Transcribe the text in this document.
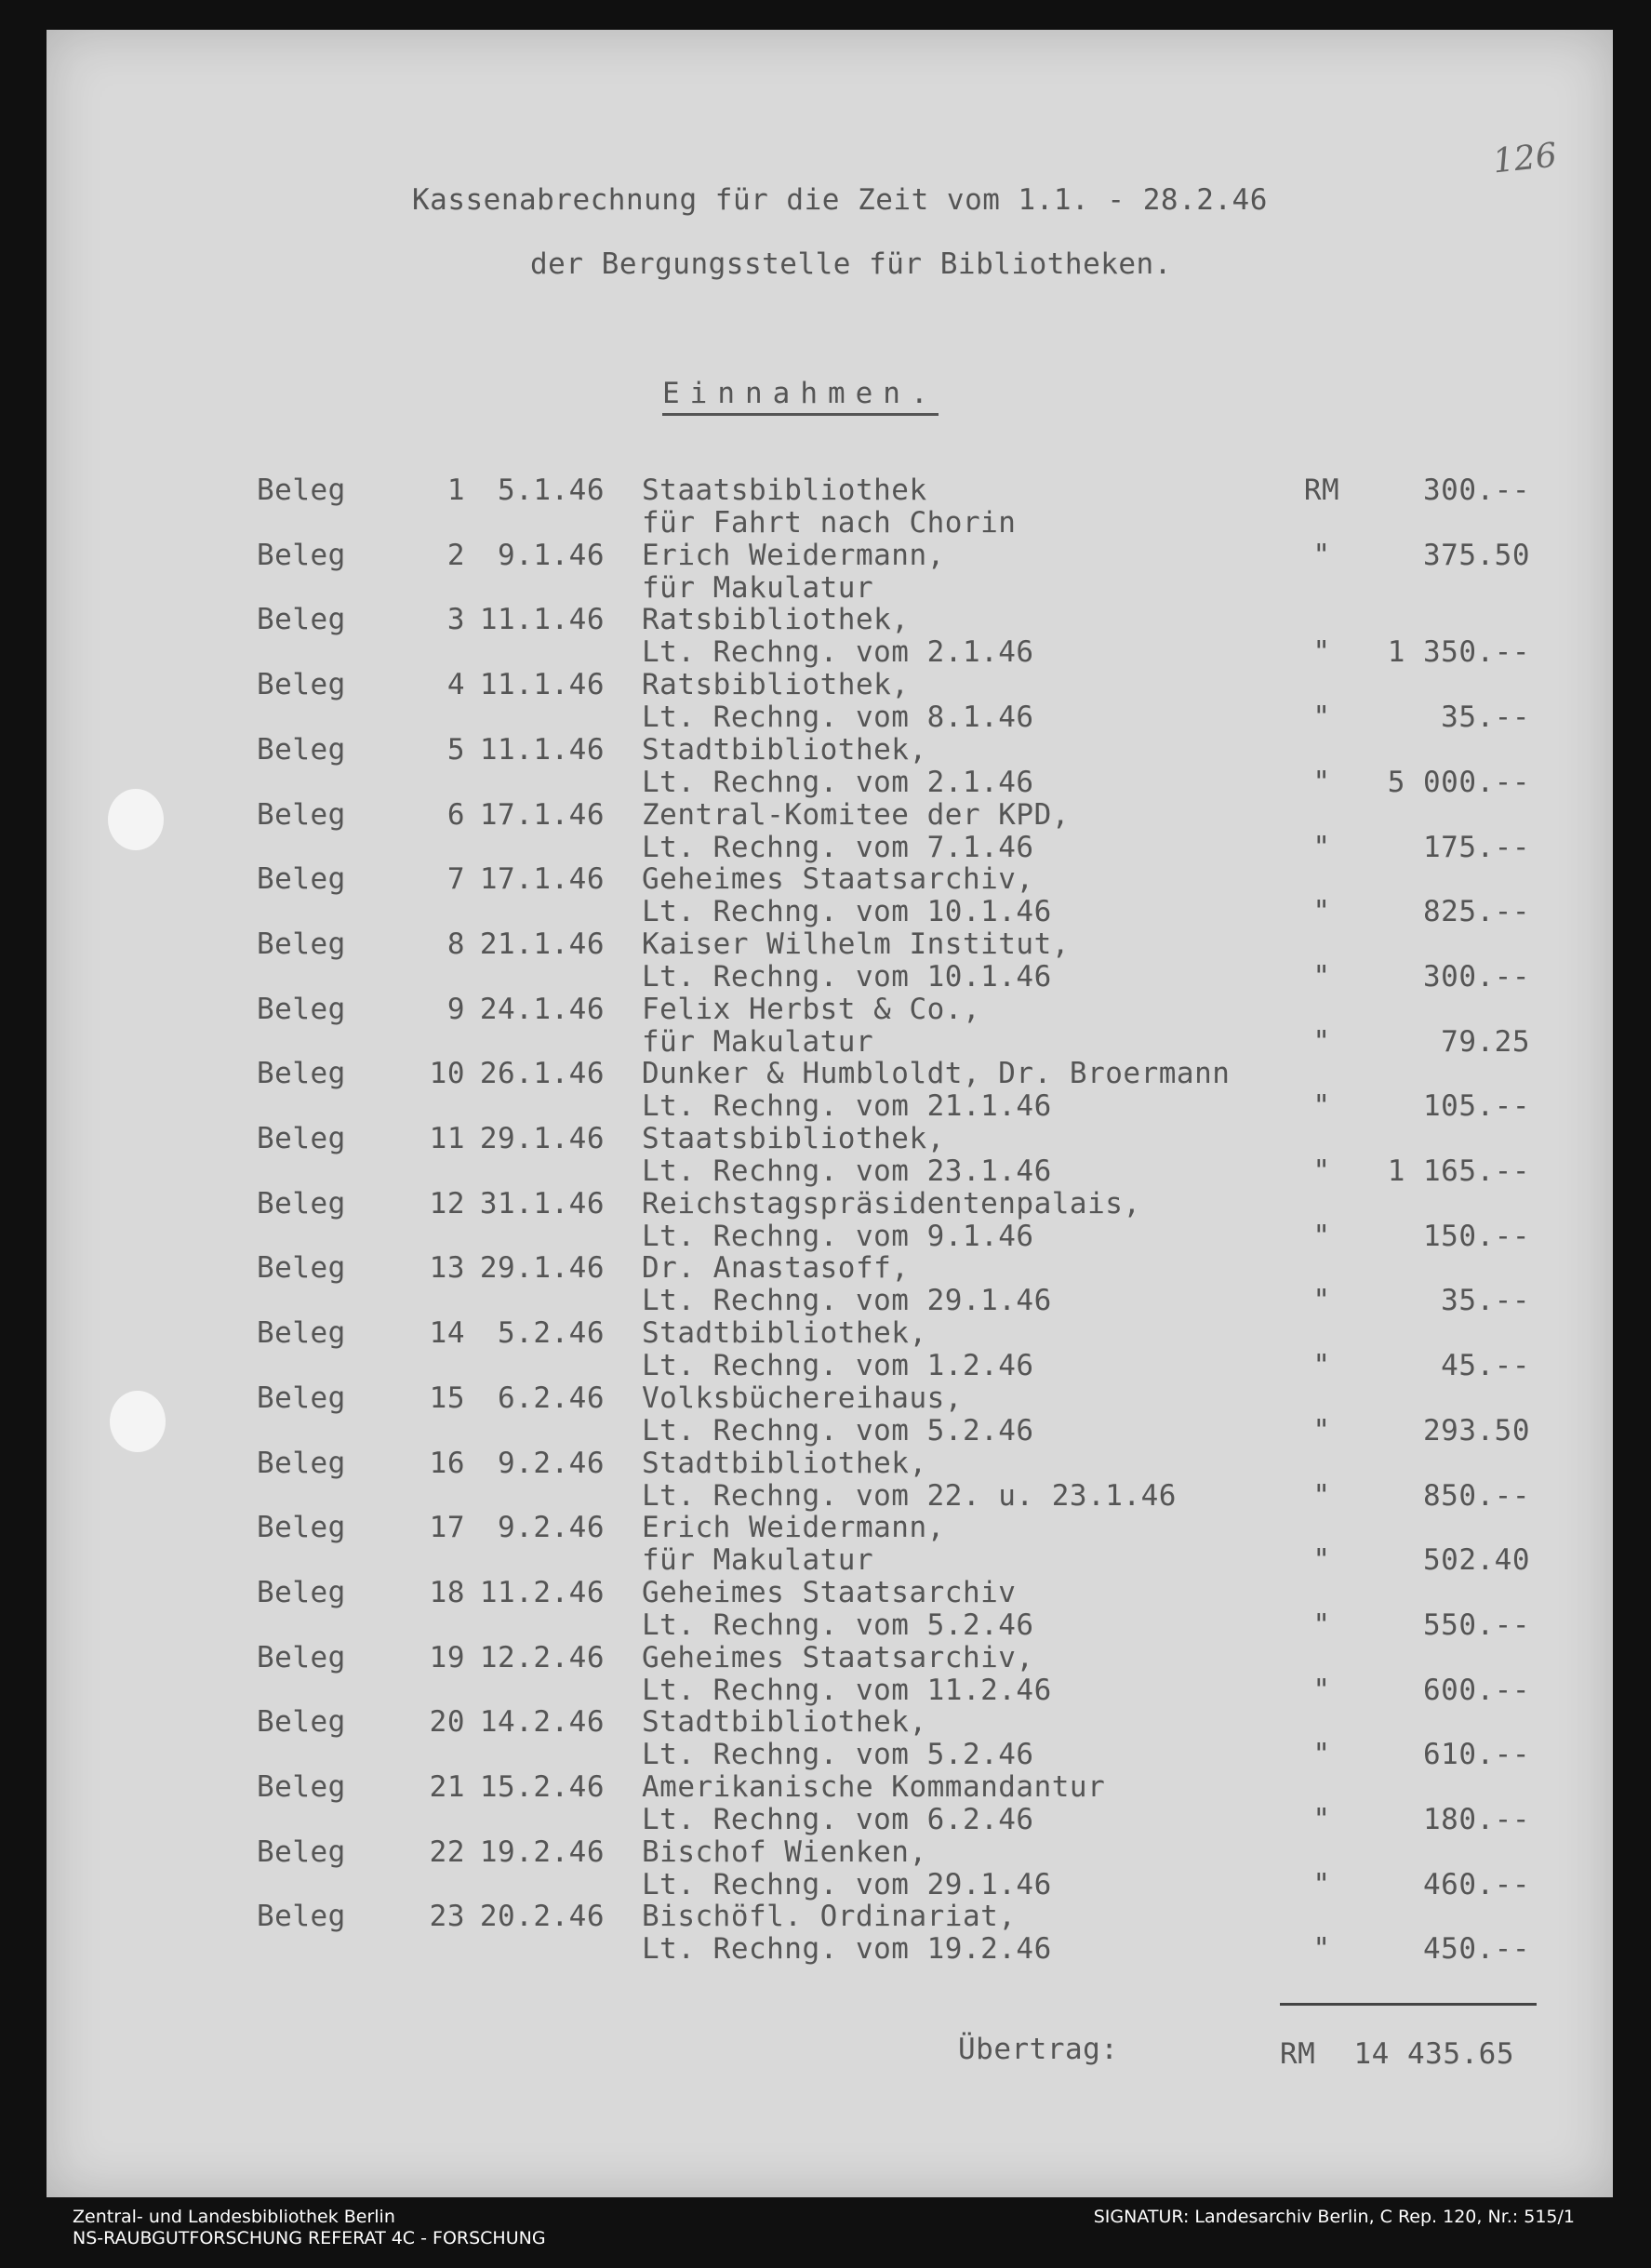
126
Kassenabrechnung für die Zeit vom 1.1. - 28.2.46
der Bergungsstelle für Bibliotheken.
Einnahmen.
Beleg	1	5.1.46 Staatsbibliothek
für Fahrt nach Chorin
RM	300.--
Beleg	2	9.1.46 Erich Weidermann,
für Makulatur
"	375.50
Beleg	3 11.1.46 Ratsbibliothek,
Lt. Rechng. vom 2.1.46	"	1 350.--
Beleg	4 11.1.46 Ratsbibliothek,
Lt. Rechng. vom 8.1.46	"	35.--
Beleg	5 11.1.46 Stadtbibliothek,
Lt. Rechng. vom 2.1.46	"	5 000.--
Beleg	6 17.1.46 Zentral-Komitee der KPD,
Lt. Rechng. vom 7.1.46	"	175.--
Beleg	7 17.1.46 Geheimes Staatsarchiv,
Lt. Rechng. vom 10.1.46	"	825.--
Beleg	8 21.1.46 Kaiser Wilhelm Institut,
Lt. Rechng. vom 10.1.46	"	300.--
Beleg	9 24.1.46 Felix Herbst & Co.,
für Makulatur	"	79.25
Beleg	10 26.1.46 Dunker & Humbloldt, Dr. Broermann
Lt. Rechng. vom 21.1.46	"	105.--
Beleg	11 29.1.46 Staatsbibliothek,
Lt. Rechng. vom 23.1.46	"	1 165.--
Beleg	12 31.1.46 Reichstagspräsidentenpalais,
Lt. Rechng. vom 9.1.46	"	150.--
Beleg	13 29.1.46 Dr. Anastasoff,
Lt. Rechng. vom 29.1.46	"	35.--
Beleg	14	5.2.46 Stadtbibliothek,
Lt. Rechng. vom 1.2.46	"	45.--
Beleg	15	6.2.46 Volksbüchereihaus,
Lt. Rechng. vom 5.2.46	"	293.50
Beleg	16	9.2.46 Stadtbibliothek,
Lt. Rechng. vom 22. u. 23.1.46	"	850.--
Beleg	17	9.2.46 Erich Weidermann,
für Makulatur	"	502.40
Beleg	18 11.2.46 Geheimes Staatsarchiv
Lt. Rechng. vom 5.2.46	"	550.--
Beleg	19 12.2.46 Geheimes Staatsarchiv,
Lt. Rechng. vom 11.2.46	"	600.--
Beleg	20 14.2.46 Stadtbibliothek,
Lt. Rechng. vom 5.2.46	"	610.--
Beleg	21 15.2.46 Amerikanische Kommandantur
Lt. Rechng. vom 6.2.46	"	180.--
Beleg	22 19.2.46 Bischof Wienken,
Lt. Rechng. vom 29.1.46	"	460.--
Beleg	23 20.2.46 Bischöfl. Ordinariat,
Lt. Rechng. vom 19.2.46	"	450.--
Übertrag:	RM	14 435.65
Zentral- und Landesbibliothek Berlin
NS-RAUBGUTFORSCHUNG REFERAT 4C - FORSCHUNG
SIGNATUR: Landesarchiv Berlin, C Rep. 120, Nr.: 515/1
